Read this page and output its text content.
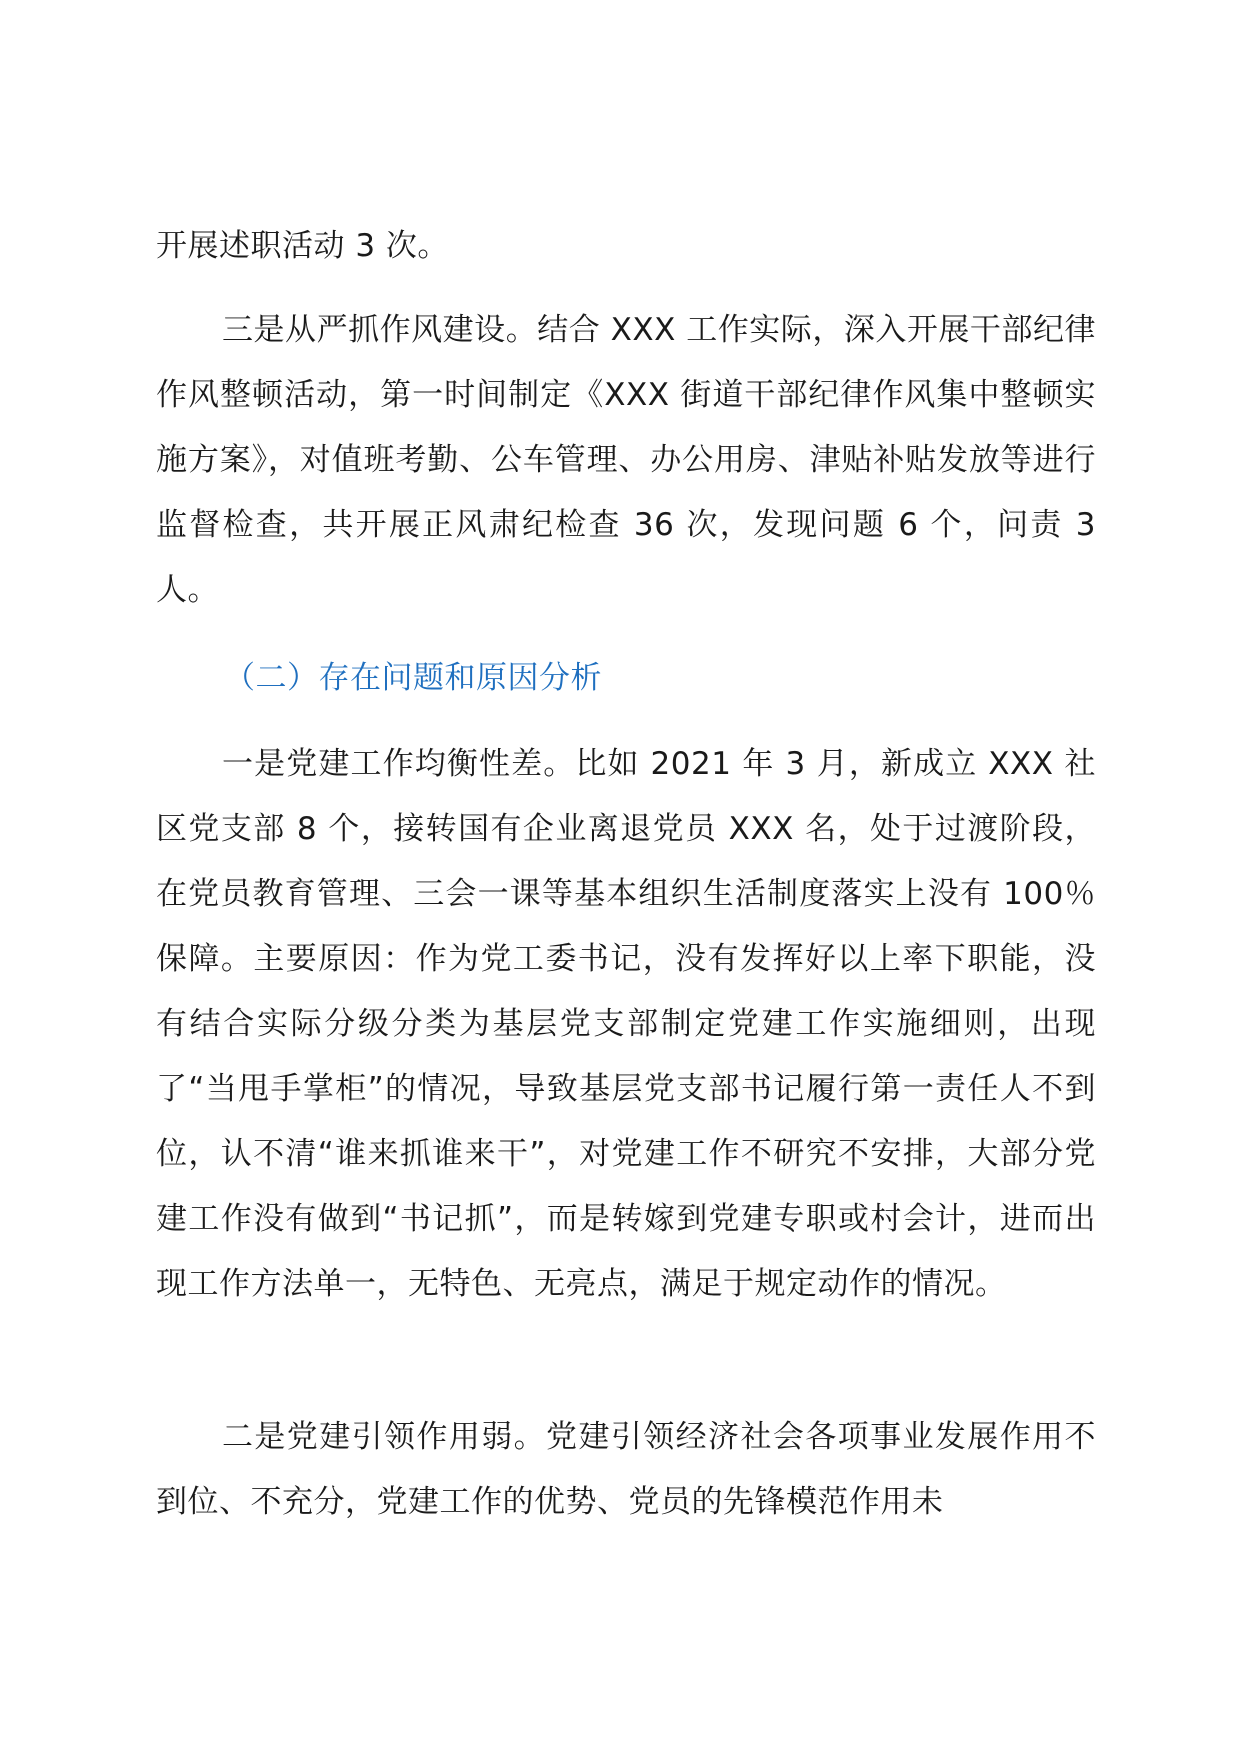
开展述职活动 3 次。

三是从严抓作风建设。结合 XXX 工作实际，深入开展干部纪律作风整顿活动，第一时间制定《XXX 街道干部纪律作风集中整顿实施方案》，对值班考勤、公车管理、办公用房、津贴补贴发放等进行监督检查，共开展正风肃纪检查 36 次，发现问题 6 个，问责 3 人。

（二）存在问题和原因分析

一是党建工作均衡性差。比如 2021 年 3 月，新成立 XXX 社区党支部 8 个，接转国有企业离退党员 XXX 名，处于过渡阶段，在党员教育管理、三会一课等基本组织生活制度落实上没有 100％保障。主要原因：作为党工委书记，没有发挥好以上率下职能，没有结合实际分级分类为基层党支部制定党建工作实施细则，出现了“当甩手掌柜”的情况，导致基层党支部书记履行第一责任人不到位，认不清“谁来抓谁来干”，对党建工作不研究不安排，大部分党建工作没有做到“书记抓”，而是转嫁到党建专职或村会计，进而出现工作方法单一，无特色、无亮点，满足于规定动作的情况。

二是党建引领作用弱。党建引领经济社会各项事业发展作用不到位、不充分，党建工作的优势、党员的先锋模范作用未
